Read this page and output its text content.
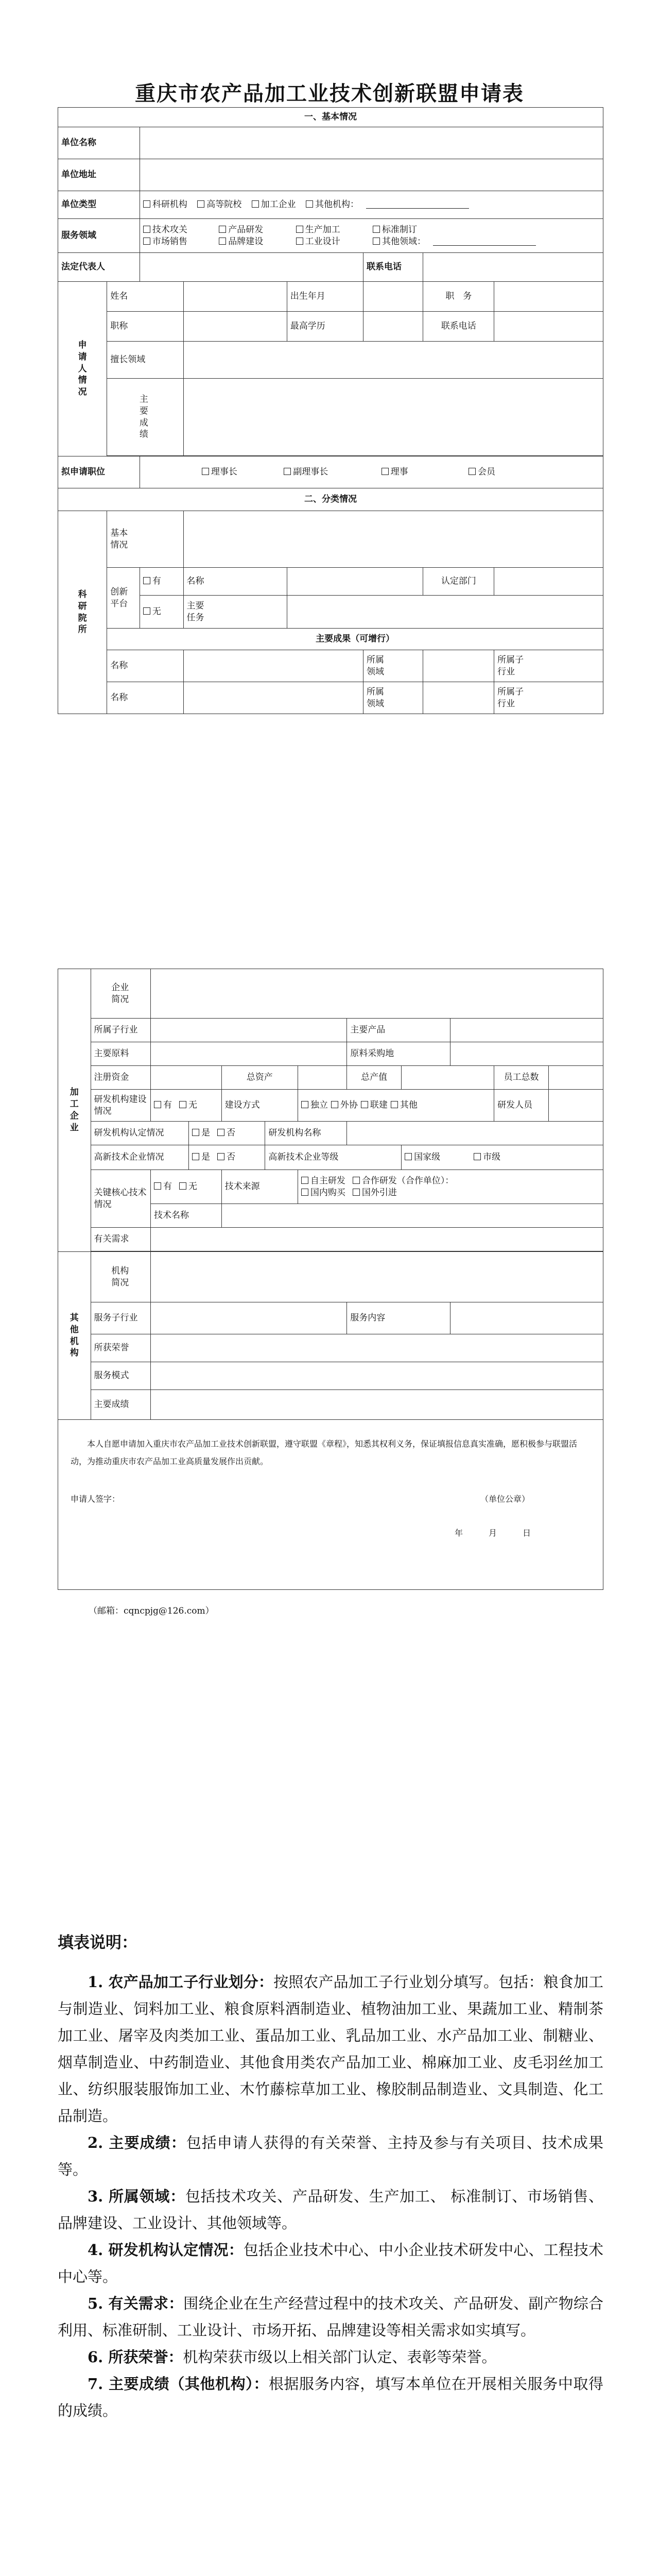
重庆市农产品加工业技术创新联盟申请表
一、基本情况							
单位名称							
单位地址							
单位类型		科研机构 高等院校 加工企业 其他机构：					
服务领域		技术攻关 产品研发 生产加工 标准制订
市场销售 品牌建设 工业设计 其他领域：					

法定代表人					联系电话		

申
请
人
情
况	姓名			出生年月		职　务	
	职称			最高学历		联系电话	
	擅长领域						

	主要成绩						

拟申请职位		理事长 副理事长 理事 会员					
二、分类情况							

科
研
院
所	基本情况						

	创新平台	有	名称			认定部门	
		无	主要任务				

	主要成果（可增行）						
	名称				所属领域		所属子行业

	名称				所属领域		所属子行业
加
工
企
业	企业简况										

	所属子行业						主要产品				
	主要原料						原料采购地				
	注册资金			总资产			总产值			员工总数	
	研发机构建设情况	有 无		建设方式		独立 外协 联建 其他				研发人员	
	研发机构认定情况		是 否		研发机构名称						
	高新技术企业情况		是 否		高新技术企业等级			国家级 市级			
	关键核心技术情况	有 无		技术来源		自主研发 合作研发（合作单位）：
国内购买 国外引进					

		技术名称									
	有关需求										

其
他
机
构	机构简况										

	服务子行业						服务内容				
	所获荣誉										
	服务模式										
	主要成绩										

本人自愿申请加入重庆市农产品加工业技术创新联盟，遵守联盟《章程》，知悉其权利义务，保证填报信息真实准确，愿积极参与联盟活动，为推动重庆市农产品加工业高质量发展作出贡献。
申请人签字： （单位公章）
年　　月　　日											
（邮箱：cqncpjg@126.com）
填表说明：

1. 农产品加工子行业划分：按照农产品加工子行业划分填写。包括：粮食加工与制造业、饲料加工业、粮食原料酒制造业、植物油加工业、果蔬加工业、精制茶加工业、屠宰及肉类加工业、蛋品加工业、乳品加工业、水产品加工业、制糖业、烟草制造业、中药制造业、其他食用类农产品加工业、棉麻加工业、皮毛羽丝加工业、纺织服装服饰加工业、木竹藤棕草加工业、橡胶制品制造业、文具制造、化工品制造。

2. 主要成绩：包括申请人获得的有关荣誉、主持及参与有关项目、技术成果等。

3. 所属领域：包括技术攻关、产品研发、生产加工、 标准制订、市场销售、品牌建设、工业设计、其他领域等。

4. 研发机构认定情况：包括企业技术中心、中小企业技术研发中心、工程技术中心等。

5. 有关需求：围绕企业在生产经营过程中的技术攻关、产品研发、副产物综合利用、标准研制、工业设计、市场开拓、品牌建设等相关需求如实填写。

6. 所获荣誉：机构荣获市级以上相关部门认定、表彰等荣誉。

7. 主要成绩（其他机构）：根据服务内容，填写本单位在开展相关服务中取得的成绩。
